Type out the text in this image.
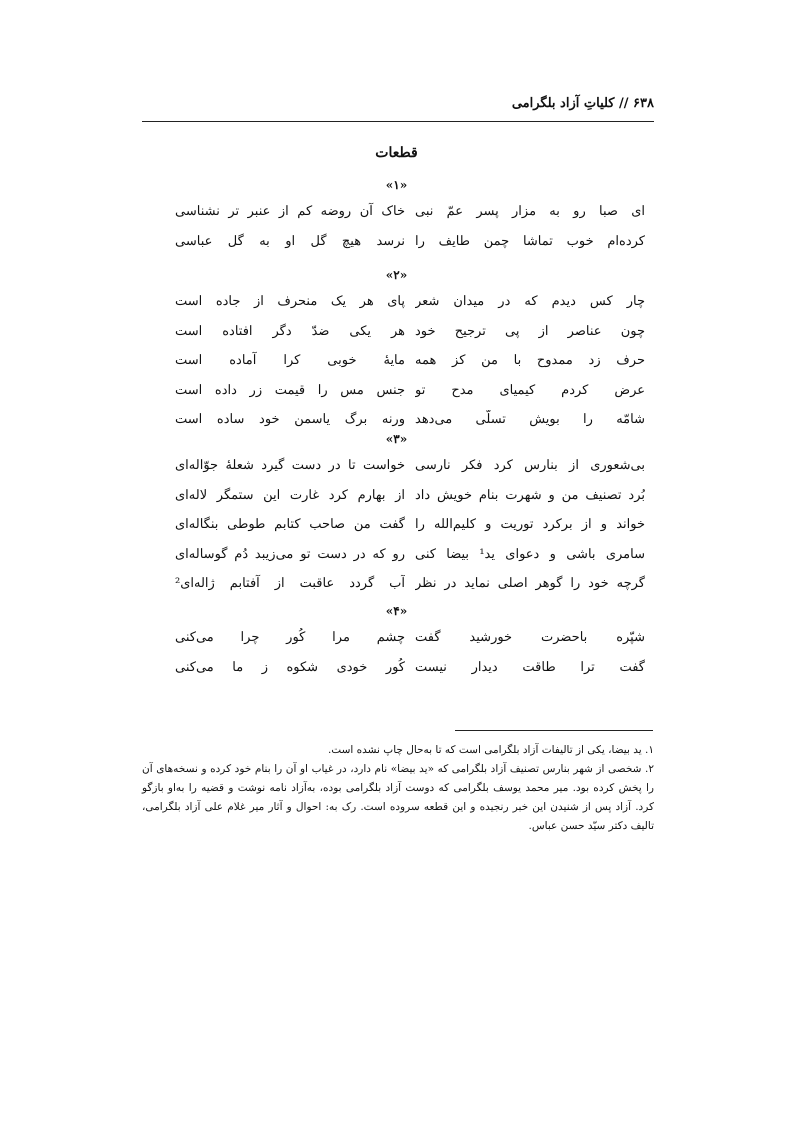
۶۳۸ // کلیاتِ آزاد بلگرامی
قطعات
«۱»
ای صبا رو به مزار پسر عمّ نبی
خاک آن روضه کم از عنبر تر نشناسی
کرده‌ام خوب تماشا چمن طایف را
نرسد هیچ گل او به گل عباسی
«۲»
چار کس دیدم که در میدان شعر
پای هر یک منحرف از جاده است
چون عناصر از پی ترجیح خود
هر یکی ضدّ دگر افتاده است
حرف زد ممدوح با من کز همه
مایهٔ خوبی کرا آماده است
عرض کردم کیمیای مدح تو
جنس مس را قیمت زر داده است
شامّه را بویش تسلّی می‌دهد
ورنه برگ یاسمن خود ساده است
«۳»
بی‌شعوری از بنارس کرد فکر نارسی
خواست تا در دست گیرد شعلهٔ جوّاله‌ای
بُرد تصنیف من و شهرت بنام خویش داد
از بهارم کرد غارت این ستمگر لاله‌ای
خواند و از برکرد توریت و کلیم‌الله را
گفت من صاحب کتابم طوطی بنگاله‌ای
سامری باشی و دعوای ید¹ بیضا کنی
رو که در دست تو می‌زیبد دُم گوساله‌ای
گرچه خود را گوهر اصلی نماید در نظر
آب گردد عاقبت از آفتابم ژاله‌ای²
«۴»
شپّره باحضرت خورشید گفت
چشم مرا کُور چرا می‌کنی
گفت ترا طاقت دیدار نیست
کُور خودی شکوه ز ما می‌کنی

۱. ید بیضا، یکی از تالیفات آزاد بلگرامی است که تا به‌حال چاپ نشده است.

۲. شخصی از شهر بنارس تصنیف آزاد بلگرامی که «ید بیضا» نام دارد، در غیاب او آن را بنام خود کرده و نسخه‌های آن را پخش کرده بود. میر محمد یوسف بلگرامی که دوست آزاد بلگرامی بوده، به‌آزاد نامه نوشت و قضیه را به‌او بازگو کرد. آزاد پس از شنیدن این خبر رنجیده و این قطعه سروده است. رک به: احوال و آثار میر غلام علی آزاد بلگرامی، تالیف دکتر سیّد حسن عباس.
